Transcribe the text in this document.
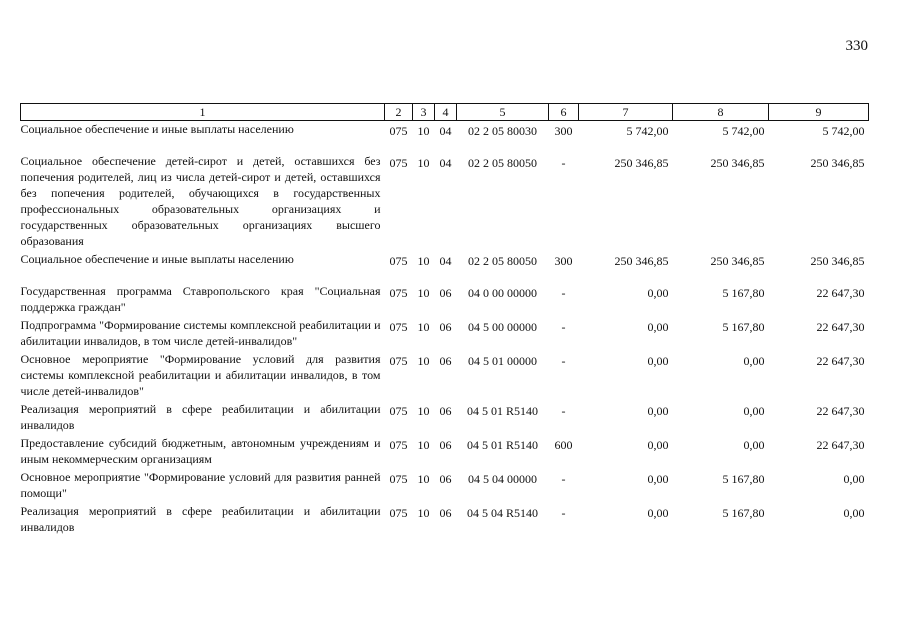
330
1	2	3	4	5	6	7	8	9
Социальное обеспечение и иные выплаты населению	075	10	04	02 2 05 80030	300	5 742,00	5 742,00	5 742,00
Социальное обеспечение детей-сирот и детей, оставшихся без попечения родителей, лиц из числа детей-сирот и детей, оставшихся без попечения родителей, обучающихся в государственных профессиональных образовательных организациях и государственных образовательных организациях высшего образования	075	10	04	02 2 05 80050	-	250 346,85	250 346,85	250 346,85
Социальное обеспечение и иные выплаты населению	075	10	04	02 2 05 80050	300	250 346,85	250 346,85	250 346,85
Государственная программа Ставропольского края "Социальная поддержка граждан"	075	10	06	04 0 00 00000	-	0,00	5 167,80	22 647,30
Подпрограмма "Формирование системы комплексной реабилитации и абилитации инвалидов, в том числе детей-инвалидов"	075	10	06	04 5 00 00000	-	0,00	5 167,80	22 647,30
Основное мероприятие "Формирование условий для развития системы комплексной реабилитации и абилитации инвалидов, в том числе детей-инвалидов"	075	10	06	04 5 01 00000	-	0,00	0,00	22 647,30
Реализация мероприятий в сфере реабилитации и абилитации инвалидов	075	10	06	04 5 01 R5140	-	0,00	0,00	22 647,30
Предоставление субсидий бюджетным, автономным учреждениям и иным некоммерческим организациям	075	10	06	04 5 01 R5140	600	0,00	0,00	22 647,30
Основное мероприятие "Формирование условий для развития ранней помощи"	075	10	06	04 5 04 00000	-	0,00	5 167,80	0,00
Реализация мероприятий в сфере реабилитации и абилитации инвалидов	075	10	06	04 5 04 R5140	-	0,00	5 167,80	0,00
